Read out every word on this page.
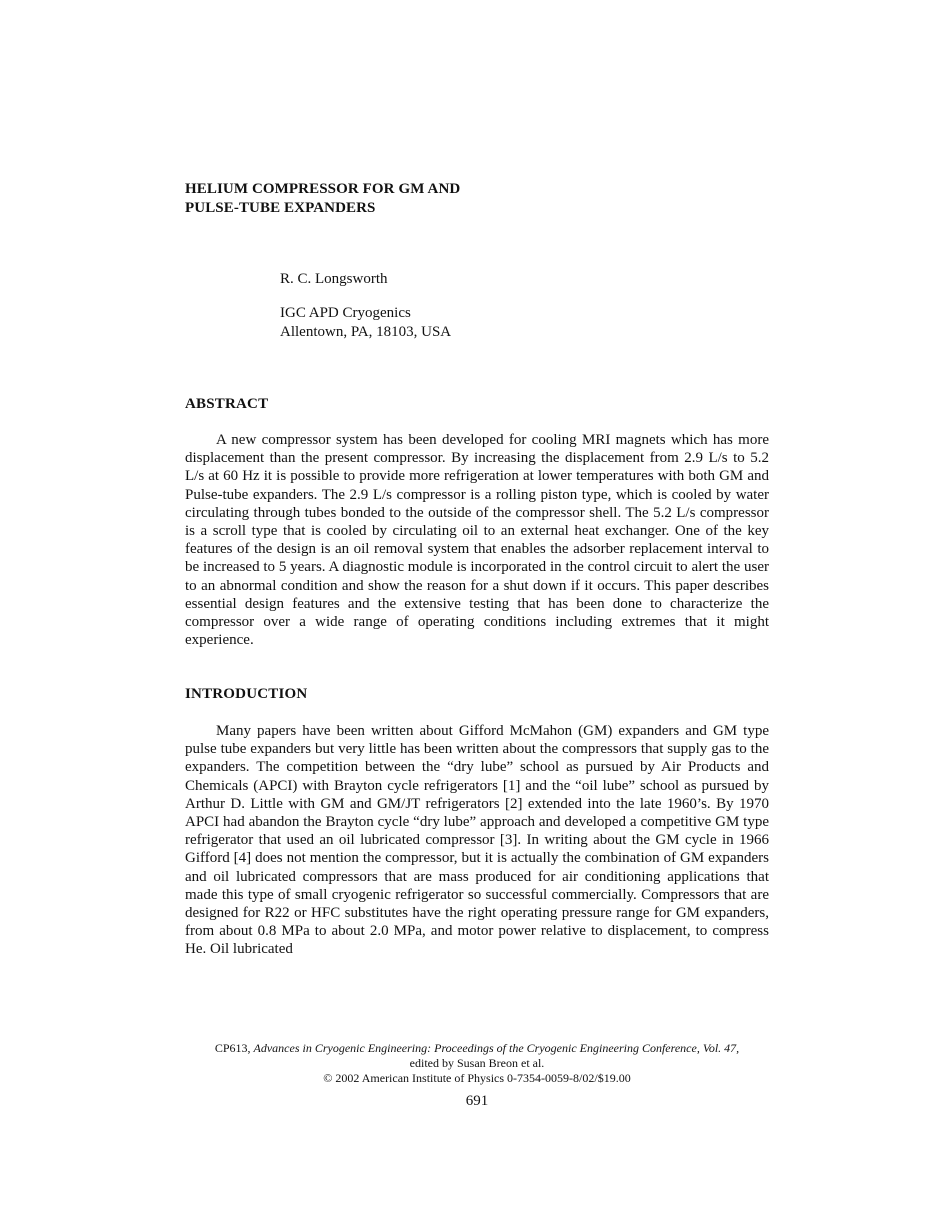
HELIUM COMPRESSOR FOR GM AND
PULSE-TUBE EXPANDERS
R. C. Longsworth
IGC APD Cryogenics
Allentown, PA, 18103, USA
ABSTRACT
A new compressor system has been developed for cooling MRI magnets which has more displacement than the present compressor. By increasing the displacement from 2.9 L/s to 5.2 L/s at 60 Hz it is possible to provide more refrigeration at lower temperatures with both GM and Pulse-tube expanders. The 2.9 L/s compressor is a rolling piston type, which is cooled by water circulating through tubes bonded to the outside of the compressor shell. The 5.2 L/s compressor is a scroll type that is cooled by circulating oil to an external heat exchanger. One of the key features of the design is an oil removal system that enables the adsorber replacement interval to be increased to 5 years. A diagnostic module is incorporated in the control circuit to alert the user to an abnormal condition and show the reason for a shut down if it occurs. This paper describes essential design features and the extensive testing that has been done to characterize the compressor over a wide range of operating conditions including extremes that it might experience.
INTRODUCTION
Many papers have been written about Gifford McMahon (GM) expanders and GM type pulse tube expanders but very little has been written about the compressors that supply gas to the expanders. The competition between the “dry lube” school as pursued by Air Products and Chemicals (APCI) with Brayton cycle refrigerators [1] and the “oil lube” school as pursued by Arthur D. Little with GM and GM/JT refrigerators [2] extended into the late 1960’s. By 1970 APCI had abandon the Brayton cycle “dry lube” approach and developed a competitive GM type refrigerator that used an oil lubricated compressor [3]. In writing about the GM cycle in 1966 Gifford [4] does not mention the compressor, but it is actually the combination of GM expanders and oil lubricated compressors that are mass produced for air conditioning applications that made this type of small cryogenic refrigerator so successful commercially. Compressors that are designed for R22 or HFC substitutes have the right operating pressure range for GM expanders, from about 0.8 MPa to about 2.0 MPa, and motor power relative to displacement, to compress He. Oil lubricated
CP613, Advances in Cryogenic Engineering: Proceedings of the Cryogenic Engineering Conference, Vol. 47,
edited by Susan Breon et al.
© 2002 American Institute of Physics 0-7354-0059-8/02/$19.00
691
